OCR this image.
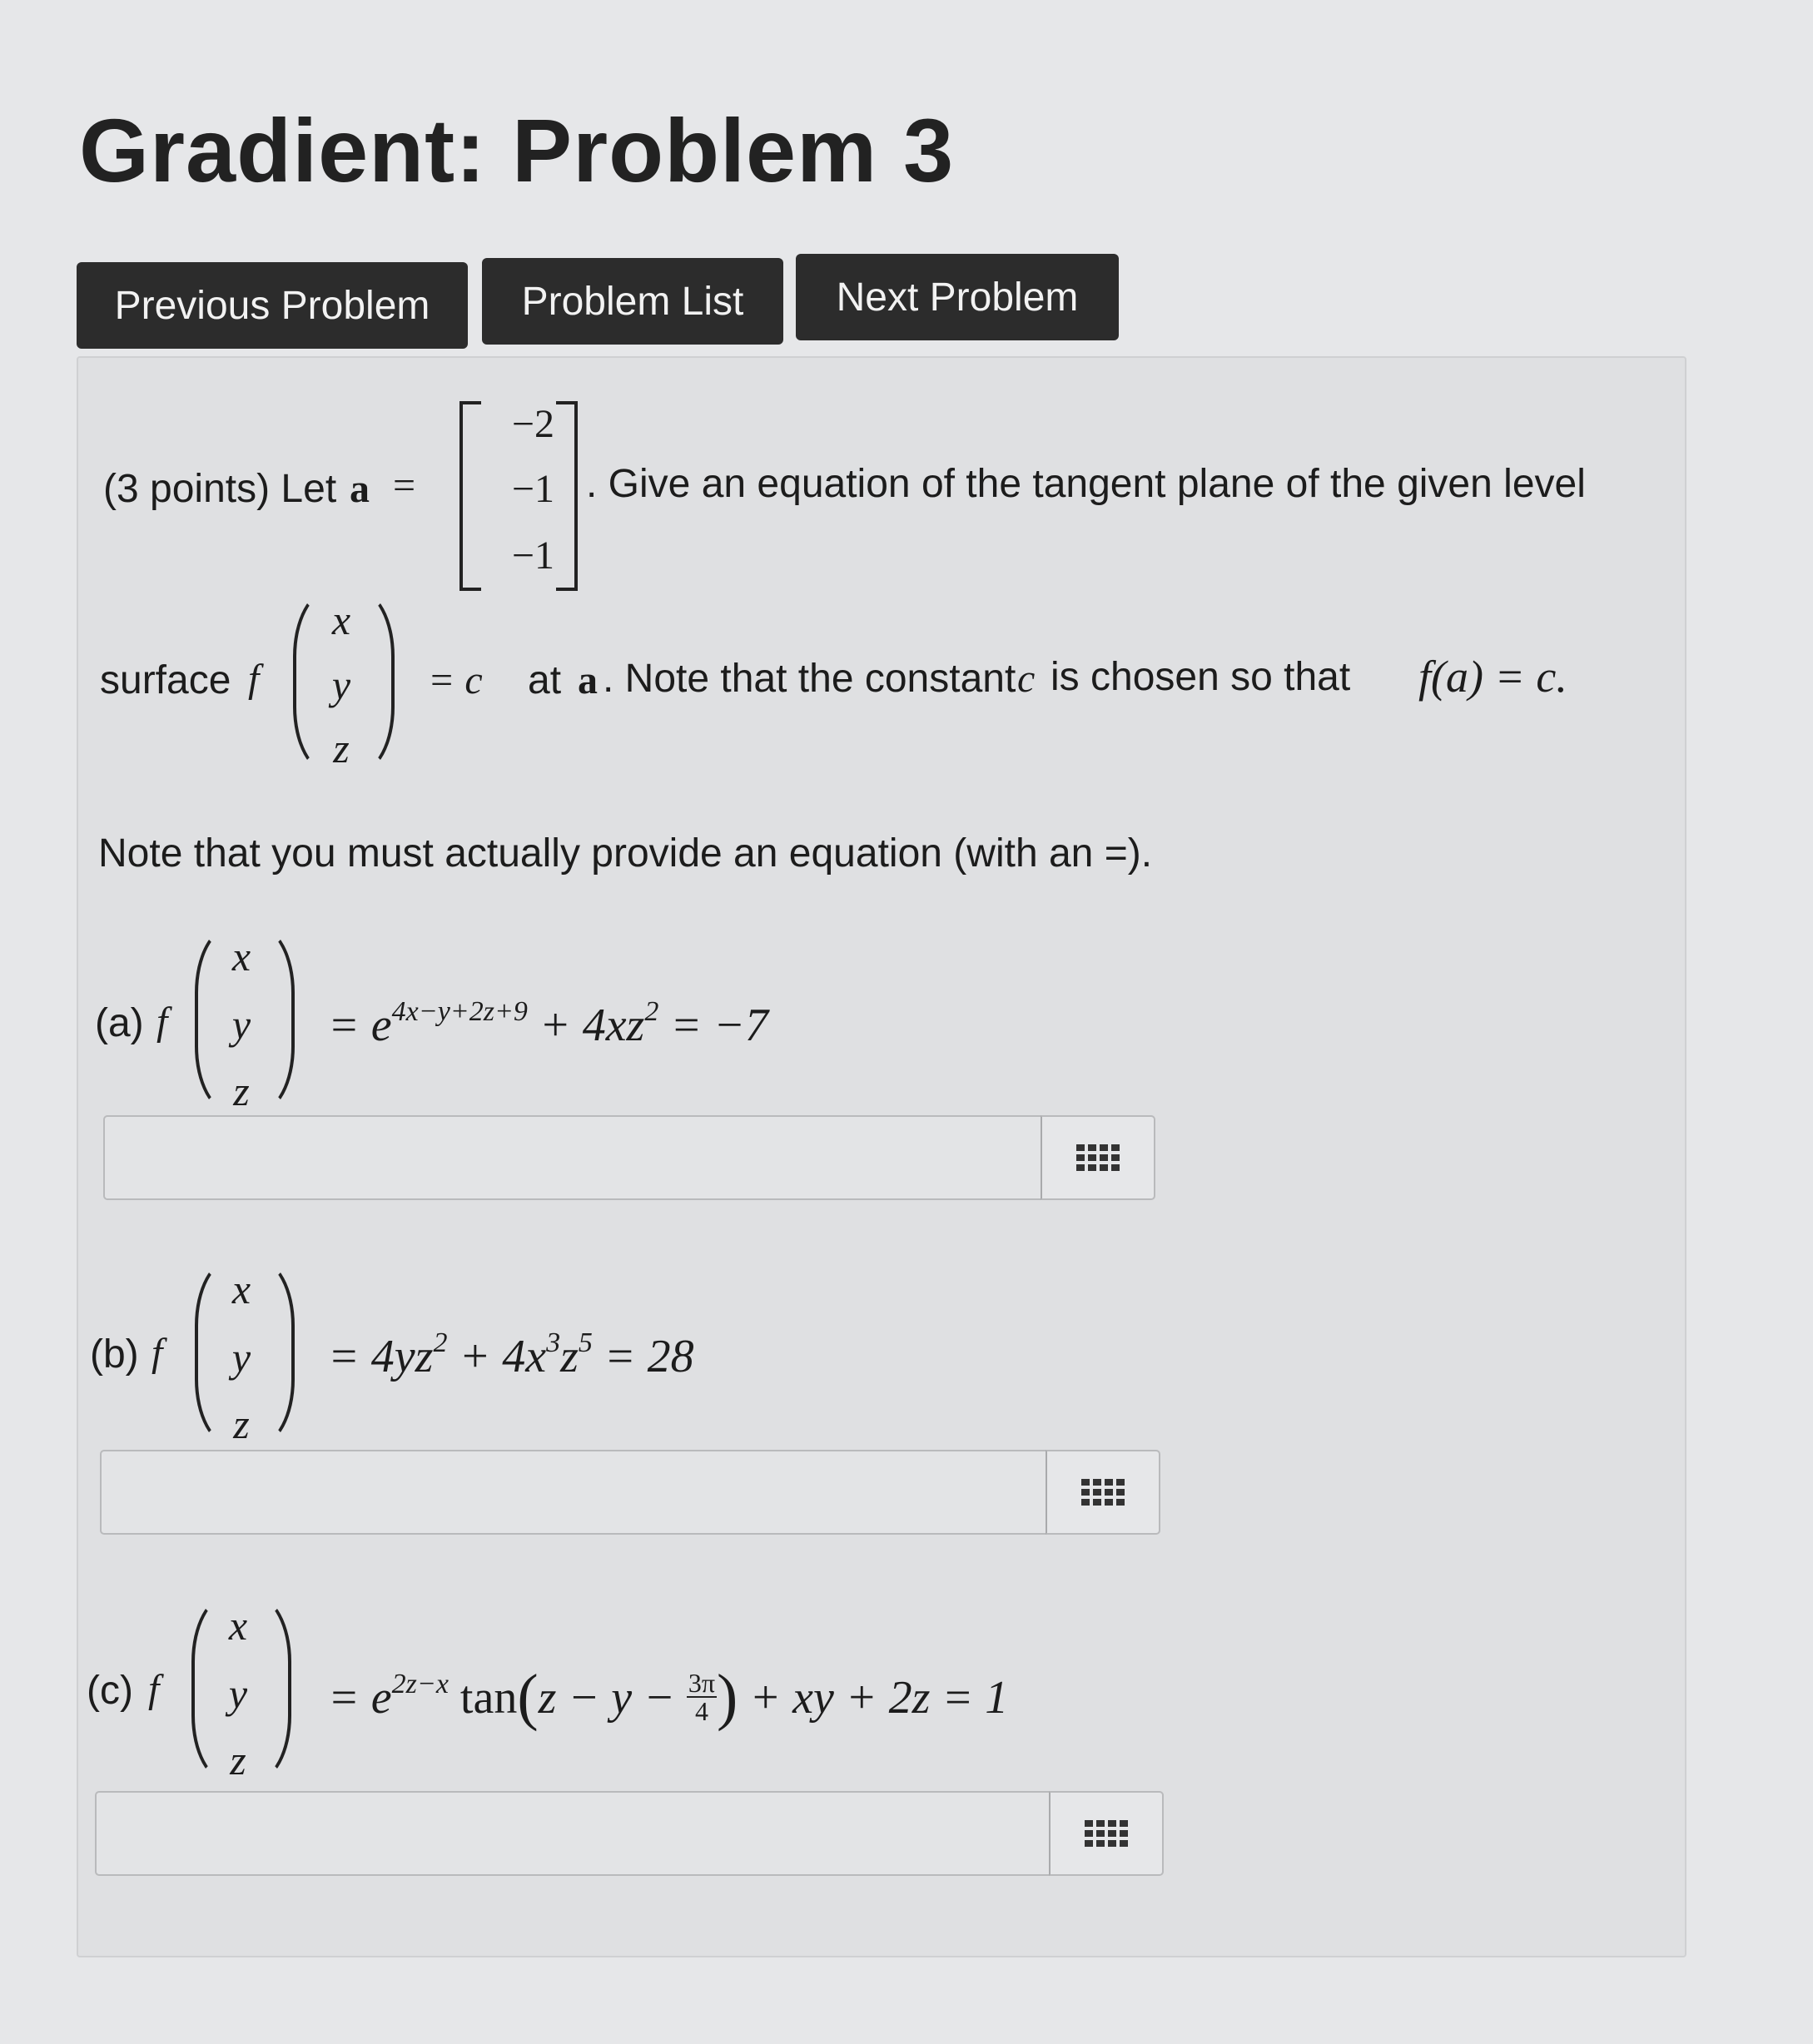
Gradient: Problem 3
Previous Problem	Problem List	Next Problem
(3 points) Let a =
−2
−1
−1
. Give an equation of the tangent plane of the given level
surface f
x
y
z
= c at a . Note that the constant c is chosen so that f(a) = c.
Note that you must actually provide an equation (with an =).
(a) f
x
y
z
= $e^{4x-y+2z+9} + 4xz^2 = -7$
(b) f
x
y
z
= $4yz^2 + 4x^3z^5 = 28$
(c) f
x
y
z
= $e^{2z-x}$ $\tan(z - y - \frac{3\pi}{4}$ ) + xy + 2z = 1
